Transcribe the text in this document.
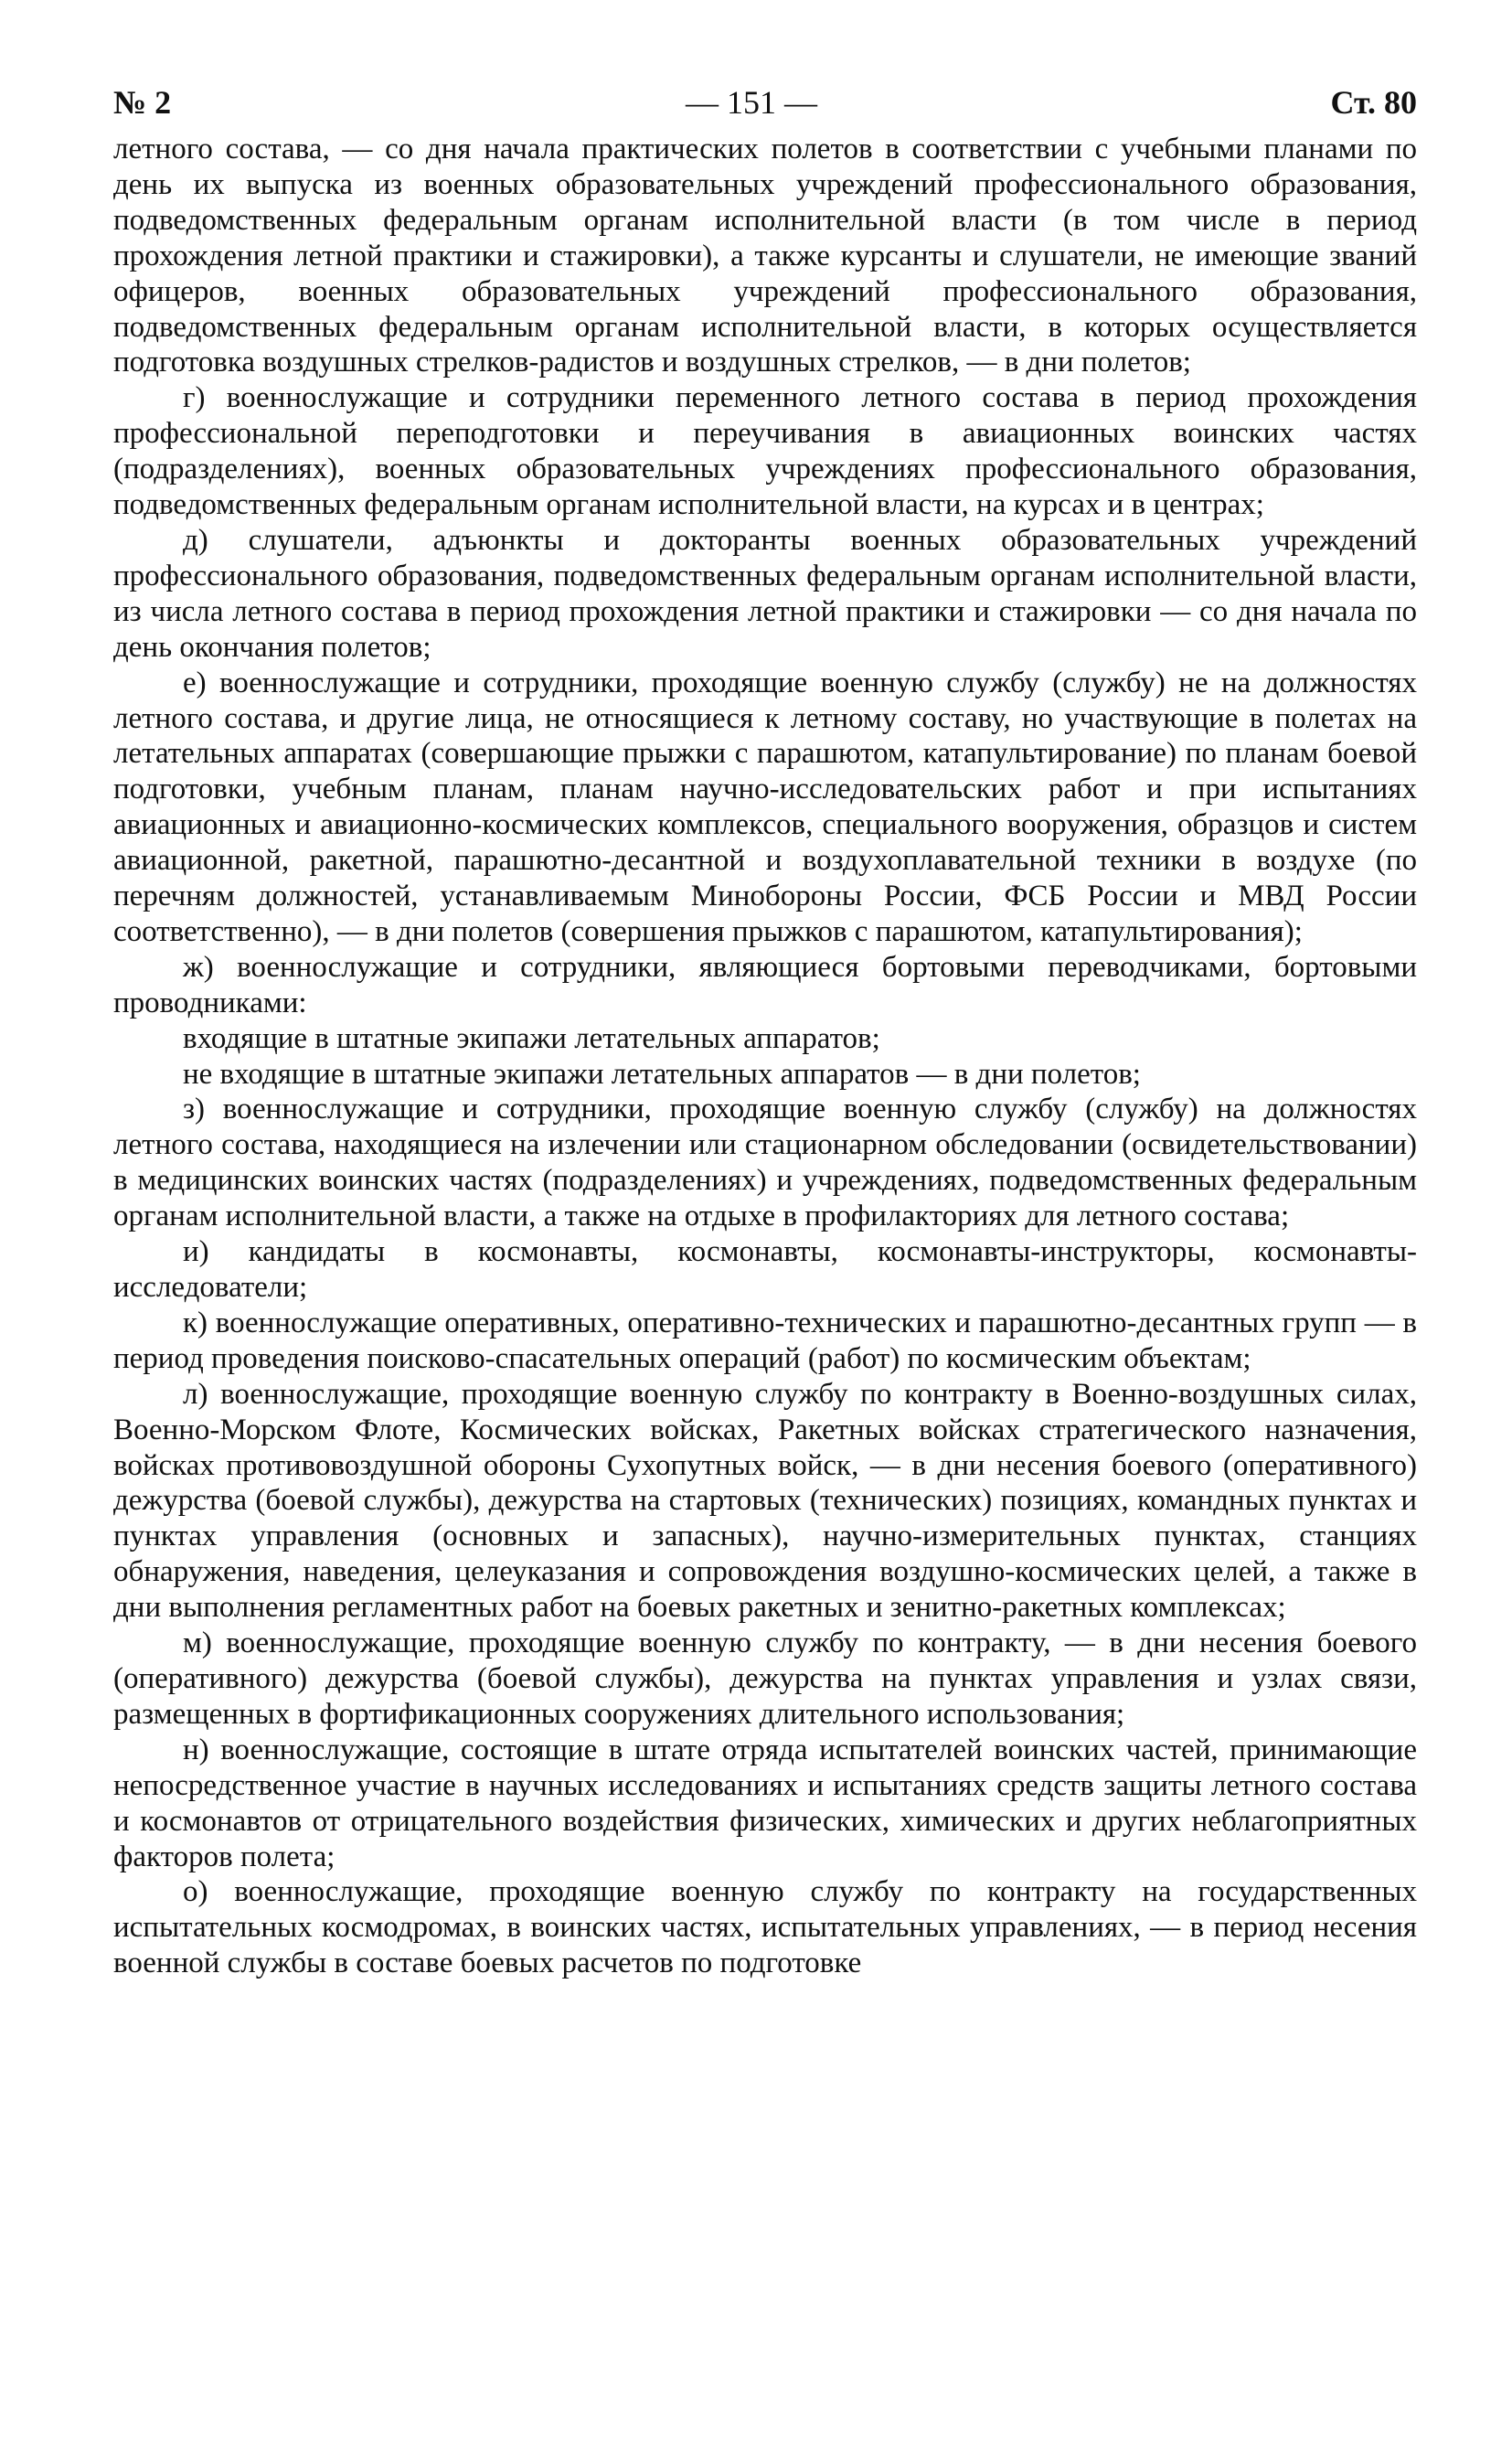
№ 2	— 151 —	Ст. 80

летного состава, — со дня начала практических полетов в соответствии с учебными планами по день их выпуска из военных образовательных учреждений профессионального образования, подведомственных федеральным органам исполнительной власти (в том числе в период прохождения летной практики и стажировки), а также курсанты и слушатели, не имеющие званий офицеров, военных образовательных учреждений профессионального образования, подведомственных федеральным органам исполнительной власти, в которых осуществляется подготовка воздушных стрелков-радистов и воздушных стрелков, — в дни полетов;

г) военнослужащие и сотрудники переменного летного состава в период прохождения профессиональной переподготовки и переучивания в авиационных воинских частях (подразделениях), военных образовательных учреждениях профессионального образования, подведомственных федеральным органам исполнительной власти, на курсах и в центрах;

д) слушатели, адъюнкты и докторанты военных образовательных учреждений профессионального образования, подведомственных федеральным органам исполнительной власти, из числа летного состава в период прохождения летной практики и стажировки — со дня начала по день окончания полетов;

е) военнослужащие и сотрудники, проходящие военную службу (службу) не на должностях летного состава, и другие лица, не относящиеся к летному составу, но участвующие в полетах на летательных аппаратах (совершающие прыжки с парашютом, катапультирование) по планам боевой подготовки, учебным планам, планам научно-исследовательских работ и при испытаниях авиационных и авиационно-космических комплексов, специального вооружения, образцов и систем авиационной, ракетной, парашютно-десантной и воздухоплавательной техники в воздухе (по перечням должностей, устанавливаемым Минобороны России, ФСБ России и МВД России соответственно), — в дни полетов (совершения прыжков с парашютом, катапультирования);

ж) военнослужащие и сотрудники, являющиеся бортовыми переводчиками, бортовыми проводниками:

входящие в штатные экипажи летательных аппаратов;

не входящие в штатные экипажи летательных аппаратов — в дни полетов;

з) военнослужащие и сотрудники, проходящие военную службу (службу) на должностях летного состава, находящиеся на излечении или стационарном обследовании (освидетельствовании) в медицинских воинских частях (подразделениях) и учреждениях, подведомственных федеральным органам исполнительной власти, а также на отдыхе в профилакториях для летного состава;

и) кандидаты в космонавты, космонавты, космонавты-инструкторы, космонавты-исследователи;

к) военнослужащие оперативных, оперативно-технических и парашютно-десантных групп — в период проведения поисково-спасательных операций (работ) по космическим объектам;

л) военнослужащие, проходящие военную службу по контракту в Военно-воздушных силах, Военно-Морском Флоте, Космических войсках, Ракетных войсках стратегического назначения, войсках противовоздушной обороны Сухопутных войск, — в дни несения боевого (оперативного) дежурства (боевой службы), дежурства на стартовых (технических) позициях, командных пунктах и пунктах управления (основных и запасных), научно-измерительных пунктах, станциях обнаружения, наведения, целеуказания и сопровождения воздушно-космических целей, а также в дни выполнения регламентных работ на боевых ракетных и зенитно-ракетных комплексах;

м) военнослужащие, проходящие военную службу по контракту, — в дни несения боевого (оперативного) дежурства (боевой службы), дежурства на пунктах управления и узлах связи, размещенных в фортификационных сооружениях длительного использования;

н) военнослужащие, состоящие в штате отряда испытателей воинских частей, принимающие непосредственное участие в научных исследованиях и испытаниях средств защиты летного состава и космонавтов от отрицательного воздействия физических, химических и других неблагоприятных факторов полета;

о) военнослужащие, проходящие военную службу по контракту на государственных испытательных космодромах, в воинских частях, испытательных управлениях, — в период несения военной службы в составе боевых расчетов по подготовке
